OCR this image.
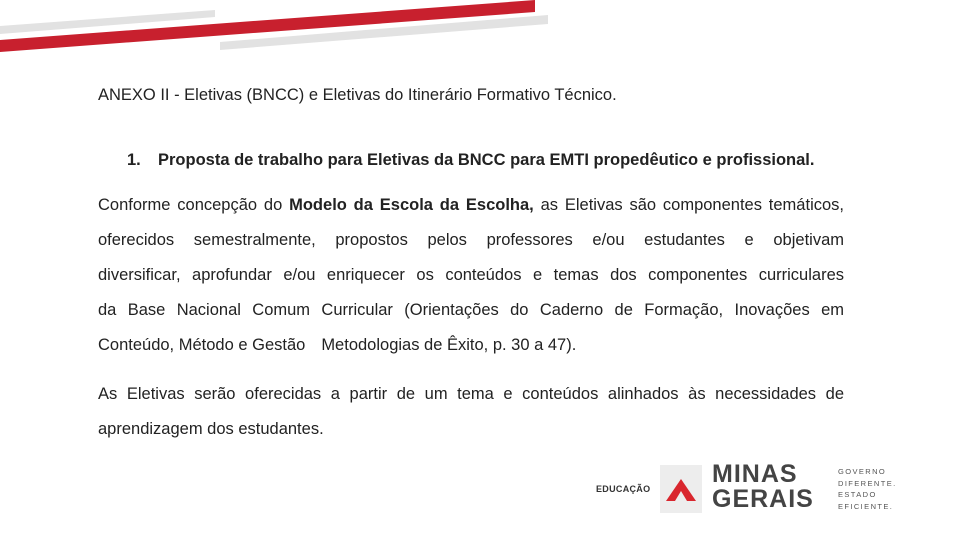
ANEXO II - Eletivas (BNCC) e Eletivas do Itinerário Formativo Técnico.
1. Proposta de trabalho para Eletivas da BNCC para EMTI propedêutico e profissional.
Conforme concepção do Modelo da Escola da Escolha, as Eletivas são componentes temáticos,
oferecidos semestralmente, propostos pelos professores e/ou estudantes e objetivam
diversificar, aprofundar e/ou enriquecer os conteúdos e temas dos componentes curriculares
da Base Nacional Comum Curricular (Orientações do Caderno de Formação, Inovações em
Conteúdo, Método e Gestão Metodologias de Êxito, p. 30 a 47).
As Eletivas serão oferecidas a partir de um tema e conteúdos alinhados às necessidades de
aprendizagem dos estudantes.
EDUCAÇÃO
MINAS
GERAIS
GOVERNO
DIFERENTE.
ESTADO
EFICIENTE.
